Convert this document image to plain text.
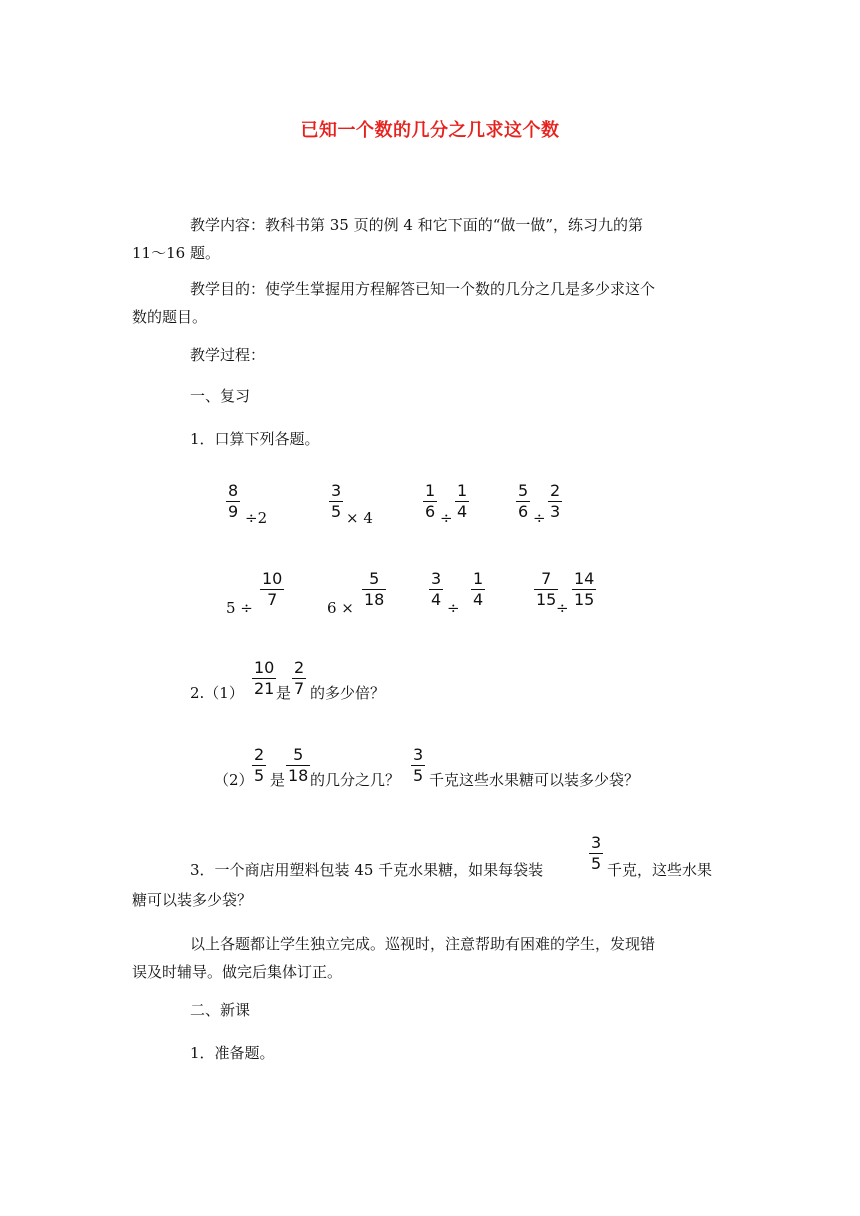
已知一个数的几分之几求这个数
教学内容：教科书第 35 页的例 4 和它下面的“做一做”，练习九的第
11～16 题。
教学目的：使学生掌握用方程解答已知一个数的几分之几是多少求这个
数的题目。
教学过程：
一、复习
1．口算下列各题。
8
9 ÷2
3
5 × 4
1
6 ÷
1
4
5
6 ÷
2
3
5 ÷
10
7	6 ×
5
18
3
4 ÷
1
4
7
15 ÷
14
15
2.（1）
10
21 是
2
7 的多少倍？
（2）
2
5 是
5
18 的几分之几？
3
5 千克这些水果糖可以装多少袋？
3．一个商店用塑料包装 45 千克水果糖，如果每袋装
3
5 千克，这些水果
糖可以装多少袋？
以上各题都让学生独立完成。巡视时，注意帮助有困难的学生，发现错
误及时辅导。做完后集体订正。
二、新课
1．准备题。
